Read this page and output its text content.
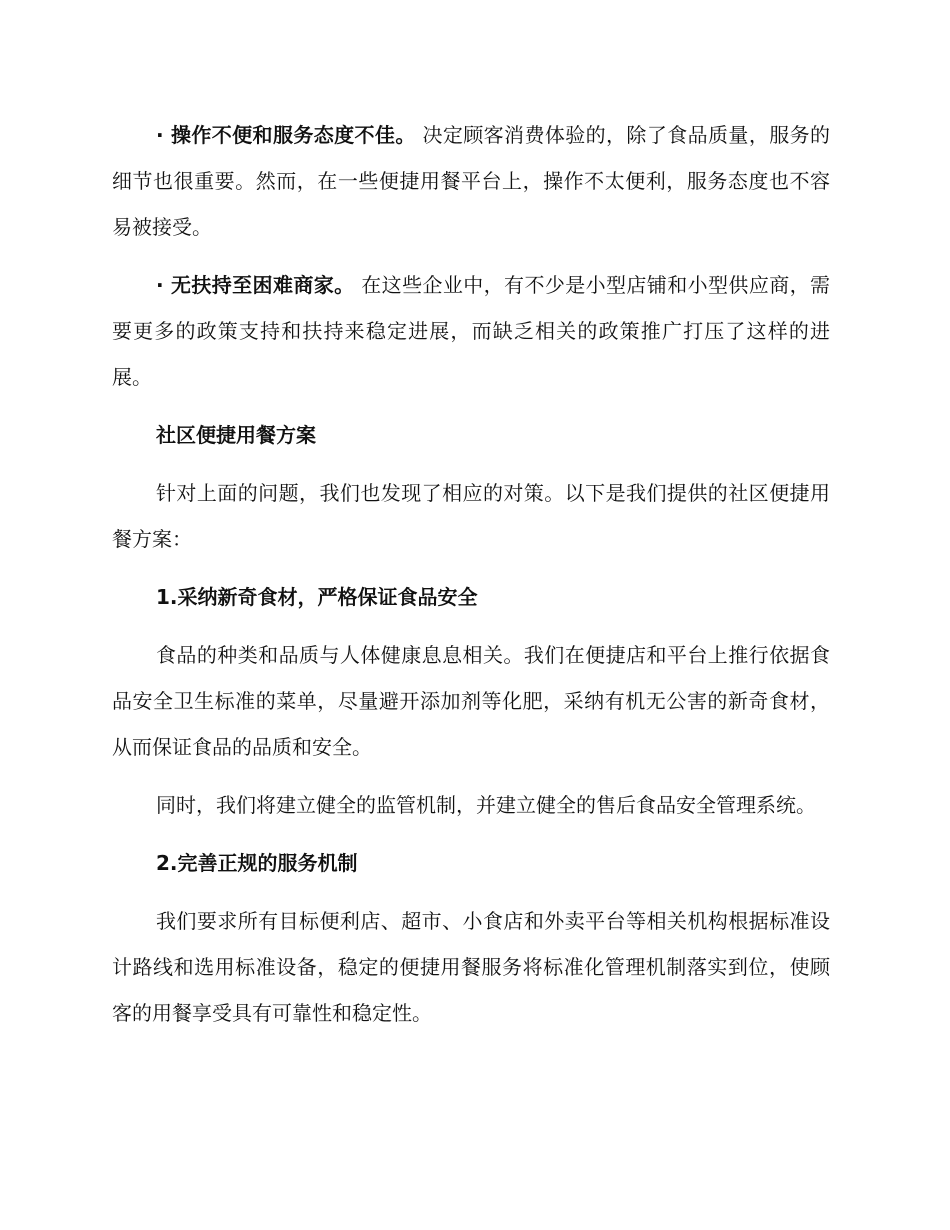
· 操作不便和服务态度不佳。 决定顾客消费体验的，除了食品质量，服务的细节也很重要。然而，在一些便捷用餐平台上，操作不太便利，服务态度也不容易被接受。

· 无扶持至困难商家。 在这些企业中，有不少是小型店铺和小型供应商，需要更多的政策支持和扶持来稳定进展，而缺乏相关的政策推广打压了这样的进展。

社区便捷用餐方案

针对上面的问题，我们也发现了相应的对策。以下是我们提供的社区便捷用餐方案：

1.采纳新奇食材，严格保证食品安全

食品的种类和品质与人体健康息息相关。我们在便捷店和平台上推行依据食品安全卫生标准的菜单，尽量避开添加剂等化肥，采纳有机无公害的新奇食材，从而保证食品的品质和安全。

同时，我们将建立健全的监管机制，并建立健全的售后食品安全管理系统。

2.完善正规的服务机制

我们要求所有目标便利店、超市、小食店和外卖平台等相关机构根据标准设计路线和选用标准设备，稳定的便捷用餐服务将标准化管理机制落实到位，使顾客的用餐享受具有可靠性和稳定性。
